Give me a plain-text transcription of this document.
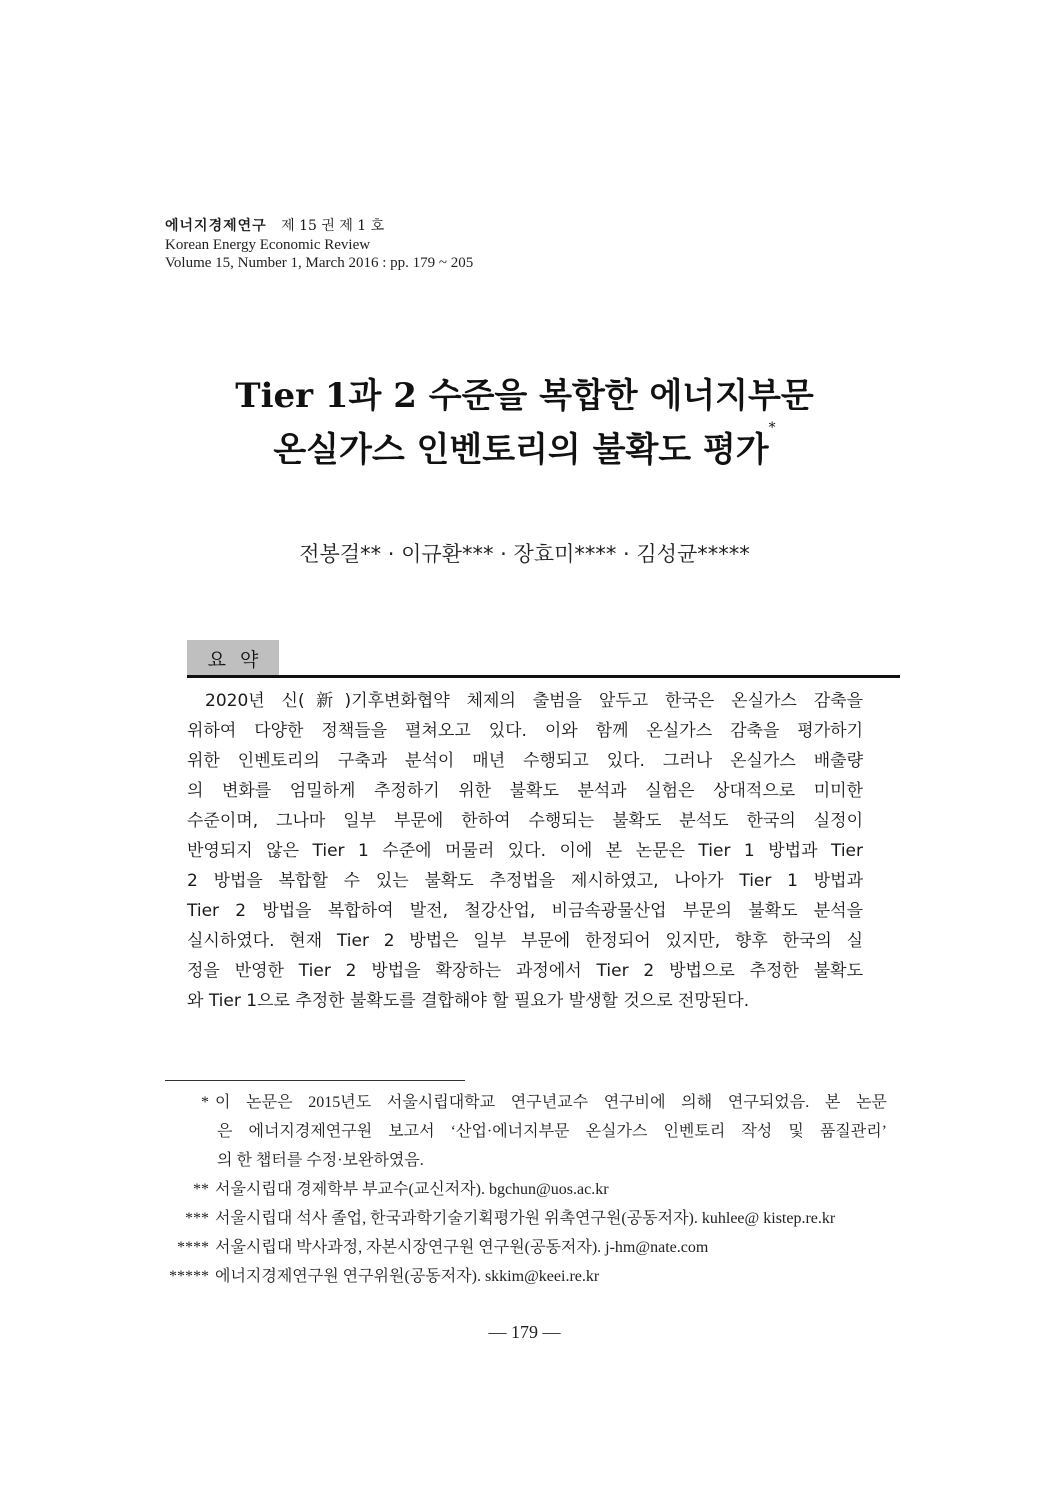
에너지경제연구 제 15 권 제 1 호
Korean Energy Economic Review
Volume 15, Number 1, March 2016 : pp. 179 ~ 205
Tier 1과 2 수준을 복합한 에너지부문
온실가스 인벤토리의 불확도 평가*
전봉걸** · 이규환*** · 장효미**** · 김성균*****
요약
2020년 신(新)기후변화협약 체제의 출범을 앞두고 한국은 온실가스 감축을
위하여 다양한 정책들을 펼쳐오고 있다. 이와 함께 온실가스 감축을 평가하기
위한 인벤토리의 구축과 분석이 매년 수행되고 있다. 그러나 온실가스 배출량
의 변화를 엄밀하게 추정하기 위한 불확도 분석과 실험은 상대적으로 미미한
수준이며, 그나마 일부 부문에 한하여 수행되는 불확도 분석도 한국의 실정이
반영되지 않은 Tier 1 수준에 머물러 있다. 이에 본 논문은 Tier 1 방법과 Tier
2 방법을 복합할 수 있는 불확도 추정법을 제시하였고, 나아가 Tier 1 방법과
Tier 2 방법을 복합하여 발전, 철강산업, 비금속광물산업 부문의 불확도 분석을
실시하였다. 현재 Tier 2 방법은 일부 부문에 한정되어 있지만, 향후 한국의 실
정을 반영한 Tier 2 방법을 확장하는 과정에서 Tier 2 방법으로 추정한 불확도
와 Tier 1으로 추정한 불확도를 결합해야 할 필요가 발생할 것으로 전망된다.
* 이 논문은 2015년도 서울시립대학교 연구년교수 연구비에 의해 연구되었음. 본 논문
은 에너지경제연구원 보고서 ‘산업·에너지부문 온실가스 인벤토리 작성 및 품질관리’
의 한 챕터를 수정·보완하였음.
** 서울시립대 경제학부 부교수(교신저자). bgchun@uos.ac.kr
*** 서울시립대 석사 졸업, 한국과학기술기획평가원 위촉연구원(공동저자). kuhlee@ kistep.re.kr
**** 서울시립대 박사과정, 자본시장연구원 연구원(공동저자). j-hm@nate.com
***** 에너지경제연구원 연구위원(공동저자). skkim@keei.re.kr
― 179 ―
